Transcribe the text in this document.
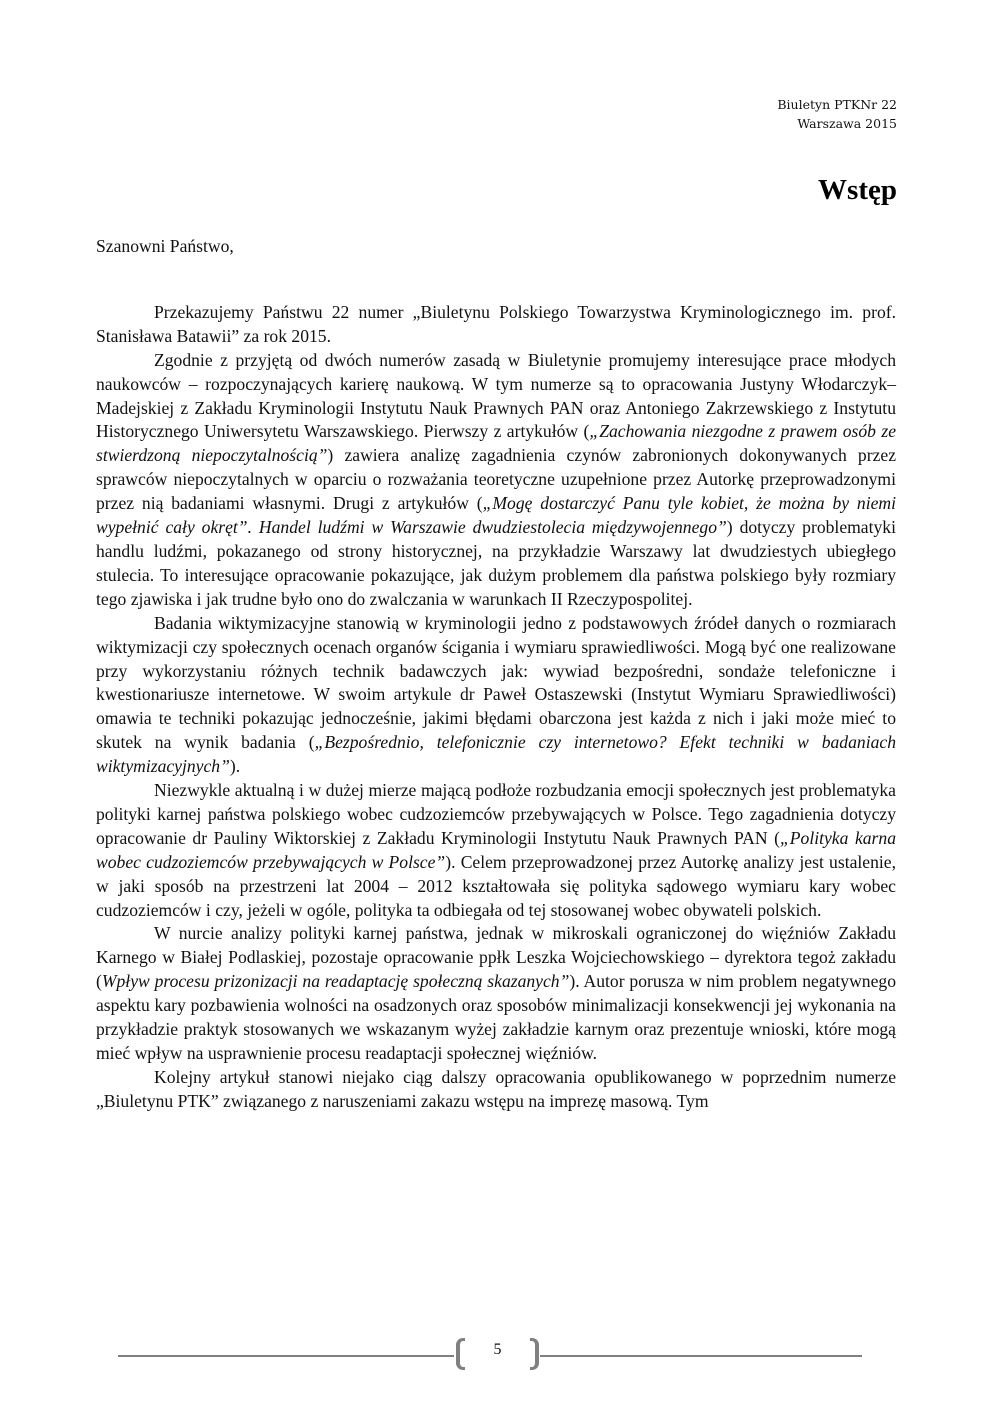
Biuletyn PTKNr 22
Warszawa 2015
Wstęp

Szanowni Państwo,

Przekazujemy Państwu 22 numer „Biuletynu Polskiego Towarzystwa Kryminologicznego im. prof. Stanisława Batawii” za rok 2015.

Zgodnie z przyjętą od dwóch numerów zasadą w Biuletynie promujemy interesujące prace młodych naukowców – rozpoczynających karierę naukową. W tym numerze są to opracowania Justyny Włodarczyk–Madejskiej z Zakładu Kryminologii Instytutu Nauk Prawnych PAN oraz Antoniego Zakrzewskiego z Instytutu Historycznego Uniwersytetu Warszawskiego. Pierwszy z artykułów („Zachowania niezgodne z prawem osób ze stwierdzoną niepoczytalnością”) zawiera analizę zagadnienia czynów zabronionych dokonywanych przez sprawców niepoczytalnych w oparciu o rozważania teoretyczne uzupełnione przez Autorkę przeprowadzonymi przez nią badaniami własnymi. Drugi z artykułów („Mogę dostarczyć Panu tyle kobiet, że można by niemi wypełnić cały okręt”. Handel ludźmi w Warszawie dwudziestolecia międzywojennego”) dotyczy problematyki handlu ludźmi, pokazanego od strony historycznej, na przykładzie Warszawy lat dwudziestych ubiegłego stulecia. To interesujące opracowanie pokazujące, jak dużym problemem dla państwa polskiego były rozmiary tego zjawiska i jak trudne było ono do zwalczania w warunkach II Rzeczypospolitej.

Badania wiktymizacyjne stanowią w kryminologii jedno z podstawowych źródeł danych o rozmiarach wiktymizacji czy społecznych ocenach organów ścigania i wymiaru sprawiedliwości. Mogą być one realizowane przy wykorzystaniu różnych technik badawczych jak: wywiad bezpośredni, sondaże telefoniczne i kwestionariusze internetowe. W swoim artykule dr Paweł Ostaszewski (Instytut Wymiaru Sprawiedliwości) omawia te techniki pokazując jednocześnie, jakimi błędami obarczona jest każda z nich i jaki może mieć to skutek na wynik badania („Bezpośrednio, telefonicznie czy internetowo? Efekt techniki w badaniach wiktymizacyjnych”).

Niezwykle aktualną i w dużej mierze mającą podłoże rozbudzania emocji społecznych jest problematyka polityki karnej państwa polskiego wobec cudzoziemców przebywających w Polsce. Tego zagadnienia dotyczy opracowanie dr Pauliny Wiktorskiej z Zakładu Kryminologii Instytutu Nauk Prawnych PAN („Polityka karna wobec cudzoziemców przebywających w Polsce”). Celem przeprowadzonej przez Autorkę analizy jest ustalenie, w jaki sposób na przestrzeni lat 2004 – 2012 kształtowała się polityka sądowego wymiaru kary wobec cudzoziemców i czy, jeżeli w ogóle, polityka ta odbiegała od tej stosowanej wobec obywateli polskich.

W nurcie analizy polityki karnej państwa, jednak w mikroskali ograniczonej do więźniów Zakładu Karnego w Białej Podlaskiej, pozostaje opracowanie ppłk Leszka Wojciechowskiego – dyrektora tegoż zakładu (Wpływ procesu prizonizacji na readaptację społeczną skazanych”). Autor porusza w nim problem negatywnego aspektu kary pozbawienia wolności na osadzonych oraz sposobów minimalizacji konsekwencji jej wykonania na przykładzie praktyk stosowanych we wskazanym wyżej zakładzie karnym oraz prezentuje wnioski, które mogą mieć wpływ na usprawnienie procesu readaptacji społecznej więźniów.

Kolejny artykuł stanowi niejako ciąg dalszy opracowania opublikowanego w poprzednim numerze „Biuletynu PTK” związanego z naruszeniami zakazu wstępu na imprezę masową. Tym

5
